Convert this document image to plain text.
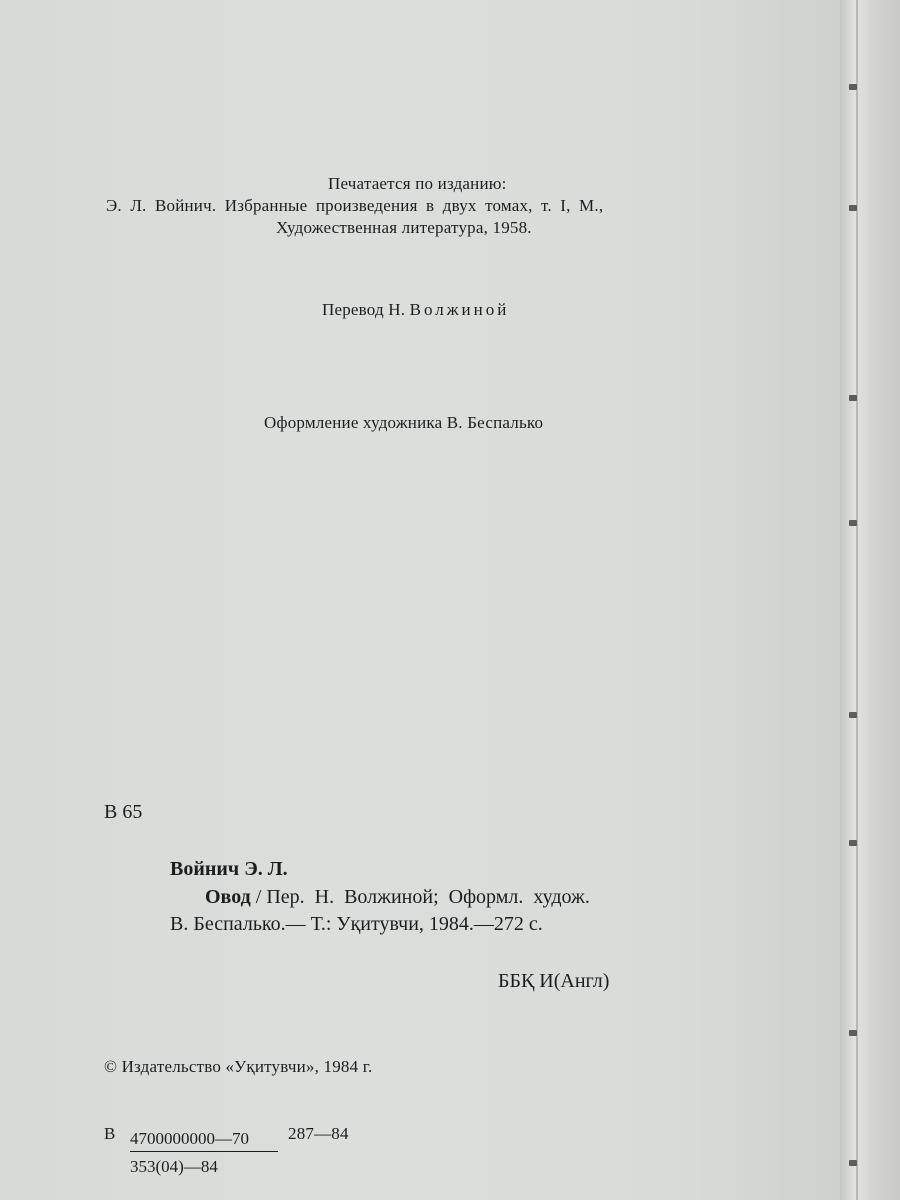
Печатается по изданию:

Э. Л. Войнич. Избранные произведения в двух томах, т. I, М.,

Художественная литература, 1958.

Перевод Н. Волжиной

Оформление художника В. Беспалько

В 65

Войнич Э. Л.

Овод / Пер.  Н.  Волжиной;  Оформл.  худож.

В. Беспалько.— Т.: Уқитувчи, 1984.—272 с.

ББҚ И(Англ)

© Издательство «Уқитувчи», 1984 г.

В 4700000000—70

353(04)—84

287—84
